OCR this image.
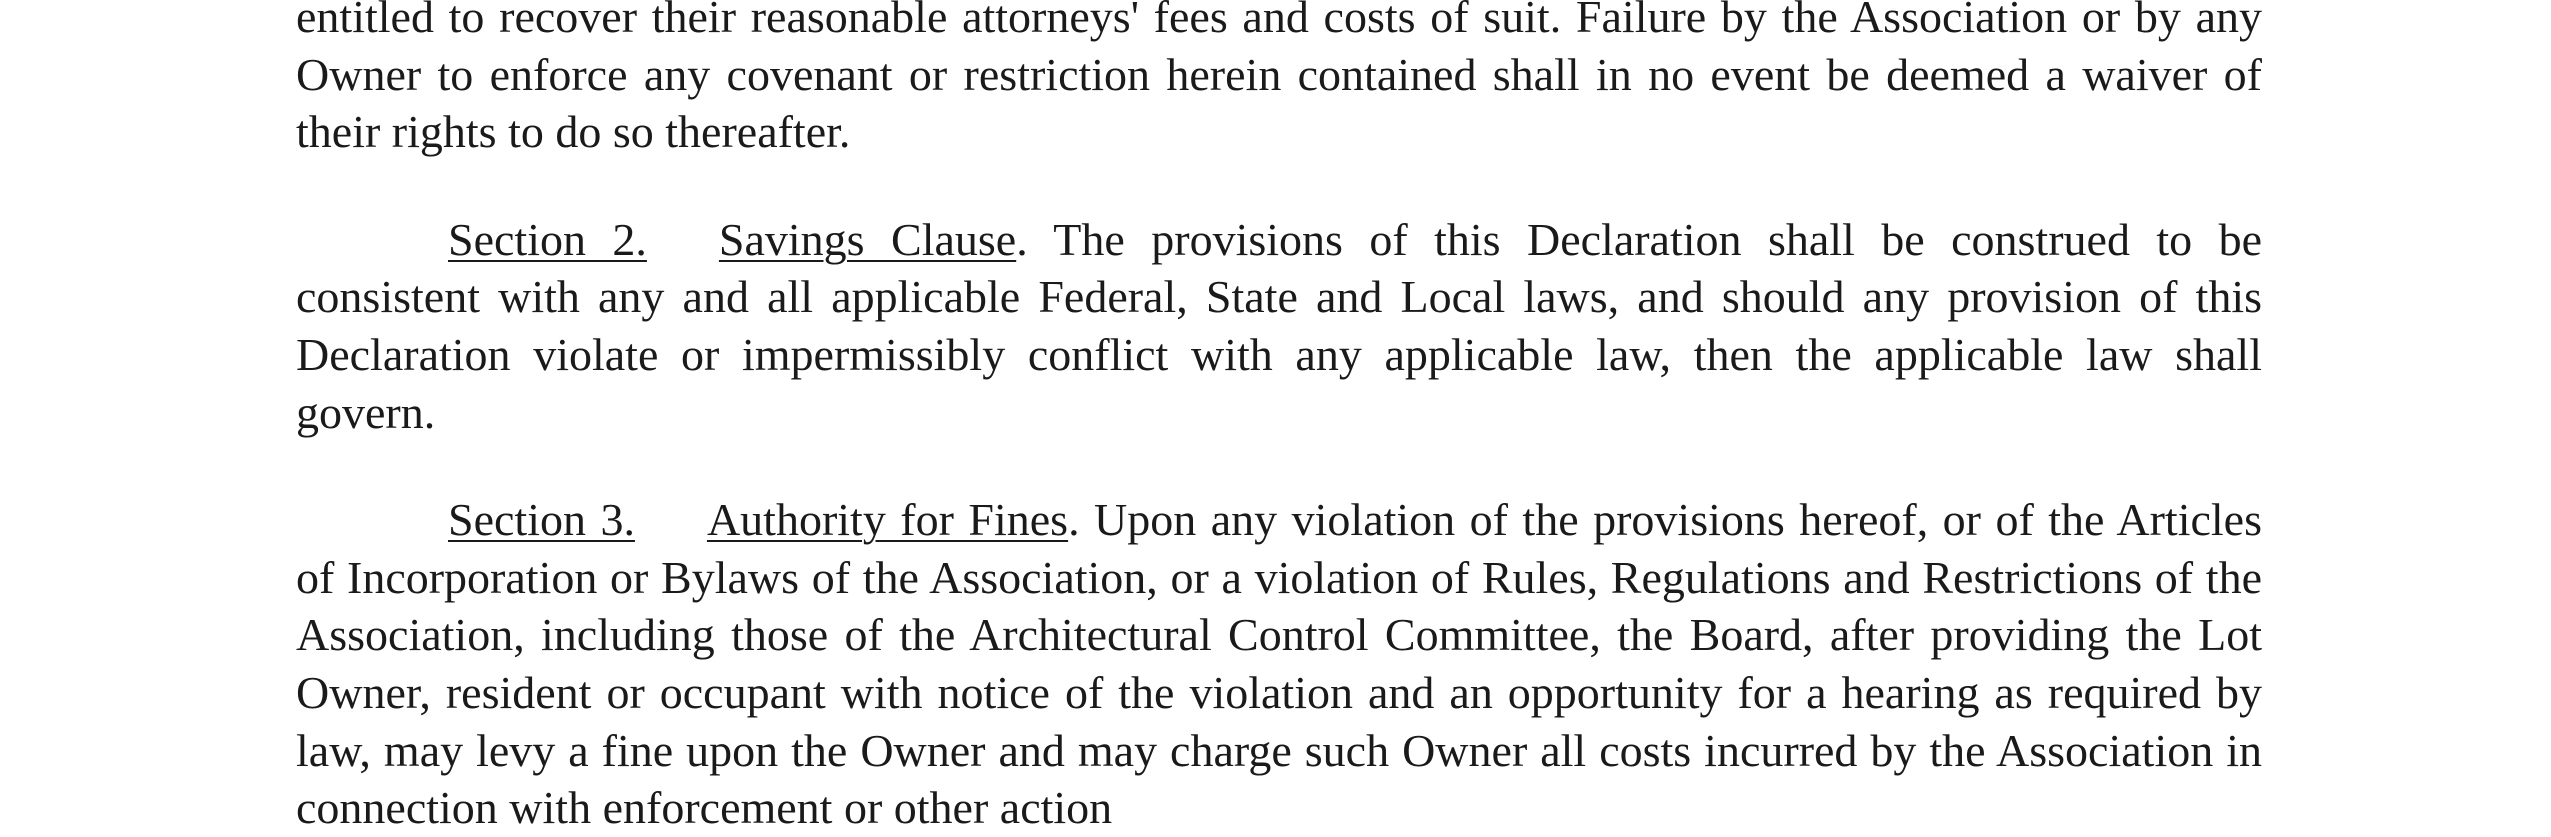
entitled to recover their reasonable attorneys' fees and costs of suit. Failure by the Association or by any Owner to enforce any covenant or restriction herein contained shall in no event be deemed a waiver of their rights to do so thereafter.

Section 2. Savings Clause. The provisions of this Declaration shall be construed to be consistent with any and all applicable Federal, State and Local laws, and should any provision of this Declaration violate or impermissibly conflict with any applicable law, then the applicable law shall govern.

Section 3. Authority for Fines. Upon any violation of the provisions hereof, or of the Articles of Incorporation or Bylaws of the Association, or a violation of Rules, Regulations and Restrictions of the Association, including those of the Architectural Control Committee, the Board, after providing the Lot Owner, resident or occupant with notice of the violation and an opportunity for a hearing as required by law, may levy a fine upon the Owner and may charge such Owner all costs incurred by the Association in connection with enforcement or other action
